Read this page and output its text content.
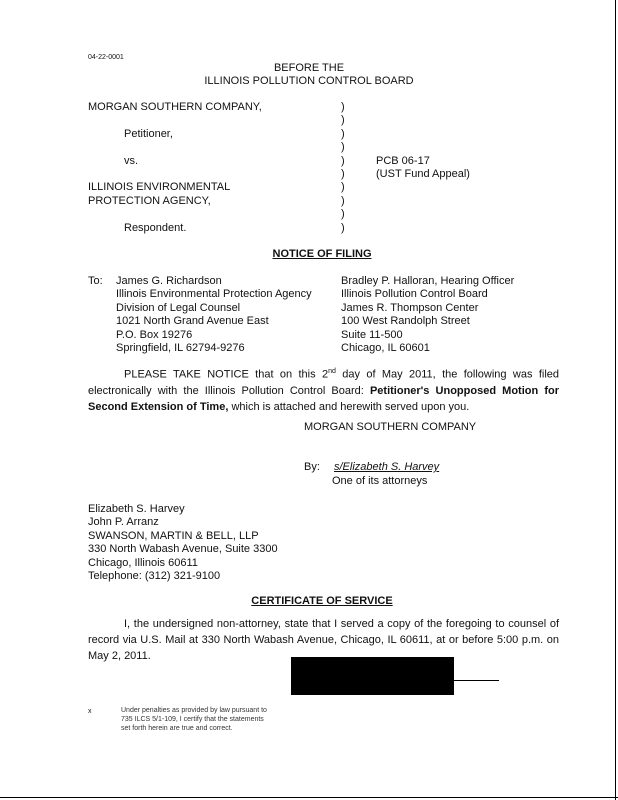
04-22-0001
BEFORE THE
ILLINOIS POLLUTION CONTROL BOARD
MORGAN SOUTHERN COMPANY,
Petitioner,
vs.
ILLINOIS ENVIRONMENTAL
PROTECTION AGENCY,
Respondent.
)
)
)
)
)
)
)
)
)
)
PCB 06-17
(UST Fund Appeal)
NOTICE OF FILING
To: James G. Richardson
Illinois Environmental Protection Agency
Division of Legal Counsel
1021 North Grand Avenue East
P.O. Box 19276
Springfield, IL 62794-9276
Bradley P. Halloran, Hearing Officer
Illinois Pollution Control Board
James R. Thompson Center
100 West Randolph Street
Suite 11-500
Chicago, IL 60601
PLEASE TAKE NOTICE that on this 2nd day of May 2011, the following was filed electronically with the Illinois Pollution Control Board: Petitioner's Unopposed Motion for Second Extension of Time, which is attached and herewith served upon you.
MORGAN SOUTHERN COMPANY
By: s/Elizabeth S. Harvey
One of its attorneys
Elizabeth S. Harvey
John P. Arranz
SWANSON, MARTIN & BELL, LLP
330 North Wabash Avenue, Suite 3300
Chicago, Illinois 60611
Telephone: (312) 321-9100
CERTIFICATE OF SERVICE
I, the undersigned non-attorney, state that I served a copy of the foregoing to counsel of record via U.S. Mail at 330 North Wabash Avenue, Chicago, IL 60611, at or before 5:00 p.m. on May 2, 2011.
x	Under penalties as provided by law pursuant to 735 ILCS 5/1-109, I certify that the statements set forth herein are true and correct.
